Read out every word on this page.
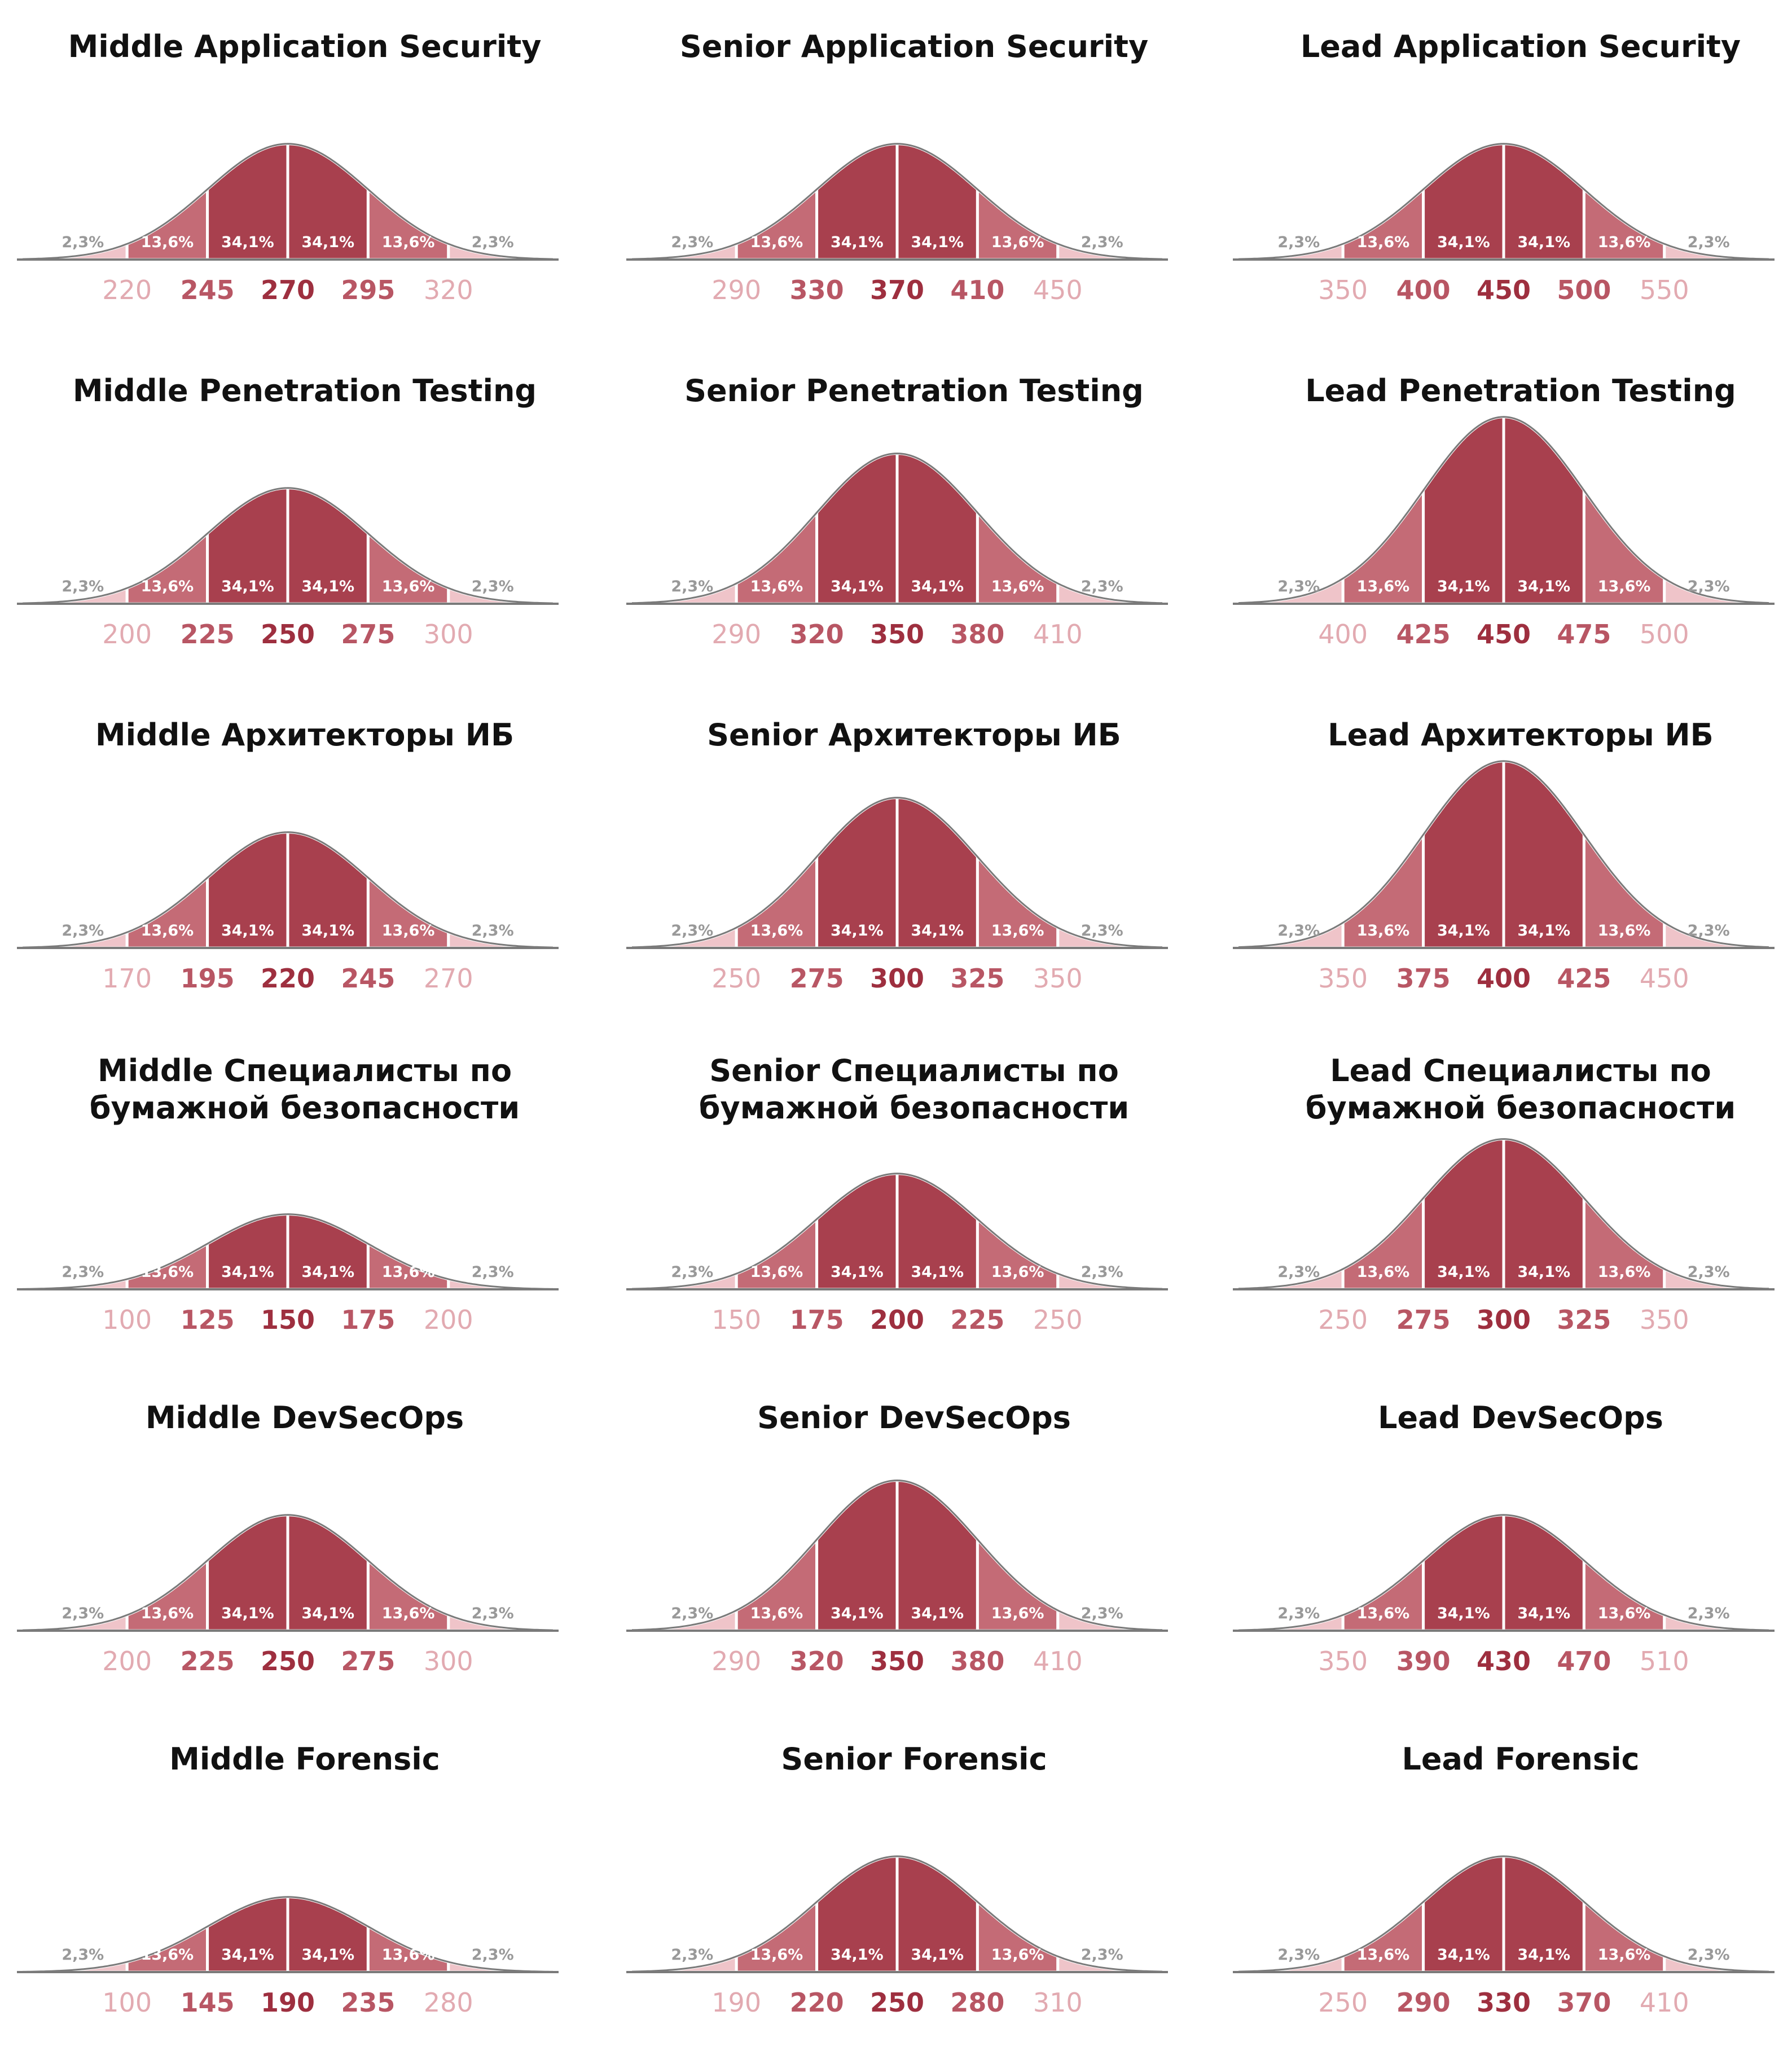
Middle Application Security
2,3% 13,6% 34,1% 34,1% 13,6% 2,3%
220 245 270 295 320
Senior Application Security
2,3% 13,6% 34,1% 34,1% 13,6% 2,3%
290 330 370 410 450
Lead Application Security
2,3% 13,6% 34,1% 34,1% 13,6% 2,3%
350 400 450 500 550
Middle Penetration Testing
2,3% 13,6% 34,1% 34,1% 13,6% 2,3%
200 225 250 275 300
Senior Penetration Testing
2,3% 13,6% 34,1% 34,1% 13,6% 2,3%
290 320 350 380 410
Lead Penetration Testing
2,3% 13,6% 34,1% 34,1% 13,6% 2,3%
400 425 450 475 500
Middle Архитекторы ИБ
2,3% 13,6% 34,1% 34,1% 13,6% 2,3%
170 195 220 245 270
Senior Архитекторы ИБ
2,3% 13,6% 34,1% 34,1% 13,6% 2,3%
250 275 300 325 350
Lead Архитекторы ИБ
2,3% 13,6% 34,1% 34,1% 13,6% 2,3%
350 375 400 425 450
Middle Специалисты по
бумажной безопасности
2,3% 13,6% 34,1% 34,1% 13,6% 2,3%
100 125 150 175 200
Senior Специалисты по
бумажной безопасности
2,3% 13,6% 34,1% 34,1% 13,6% 2,3%
150 175 200 225 250
Lead Специалисты по
бумажной безопасности
2,3% 13,6% 34,1% 34,1% 13,6% 2,3%
250 275 300 325 350
Middle DevSecOps
2,3% 13,6% 34,1% 34,1% 13,6% 2,3%
200 225 250 275 300
Senior DevSecOps
2,3% 13,6% 34,1% 34,1% 13,6% 2,3%
290 320 350 380 410
Lead DevSecOps
2,3% 13,6% 34,1% 34,1% 13,6% 2,3%
350 390 430 470 510
Middle Forensic
2,3% 13,6% 34,1% 34,1% 13,6% 2,3%
100 145 190 235 280
Senior Forensic
2,3% 13,6% 34,1% 34,1% 13,6% 2,3%
190 220 250 280 310
Lead Forensic
2,3% 13,6% 34,1% 34,1% 13,6% 2,3%
250 290 330 370 410
